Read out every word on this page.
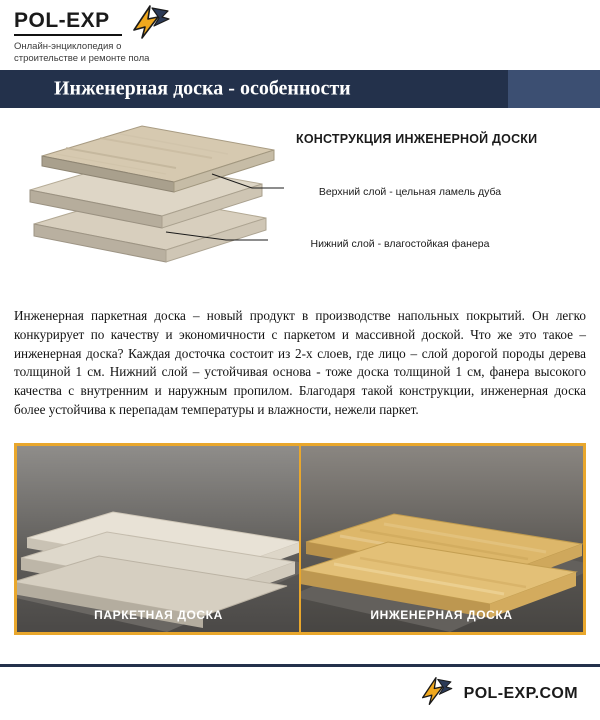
POL-EXP
Онлайн-энциклопедия о
строительстве и ремонте пола
Инженерная доска - особенности
КОНСТРУКЦИЯ ИНЖЕНЕРНОЙ ДОСКИ
Верхний слой - цельная ламель дуба
Нижний слой - влагостойкая фанера

Инженерная паркетная доска – новый продукт в производстве напольных покрытий. Он легко конкурирует по качеству и экономичности с паркетом и массивной доской. Что же это такое – инженерная доска? Каждая досточка состоит из 2-х слоев, где лицо – слой дорогой породы дерева толщиной 1 см. Нижний слой – устойчивая основа - тоже доска толщиной 1 см, фанера высокого качества с внутренним и наружным пропилом. Благодаря такой конструкции, инженерная доска более устойчива к перепадам температуры и влажности, нежели паркет.

ПАРКЕТНАЯ ДОСКА	ИНЖЕНЕРНАЯ ДОСКА
POL-EXP.COM
